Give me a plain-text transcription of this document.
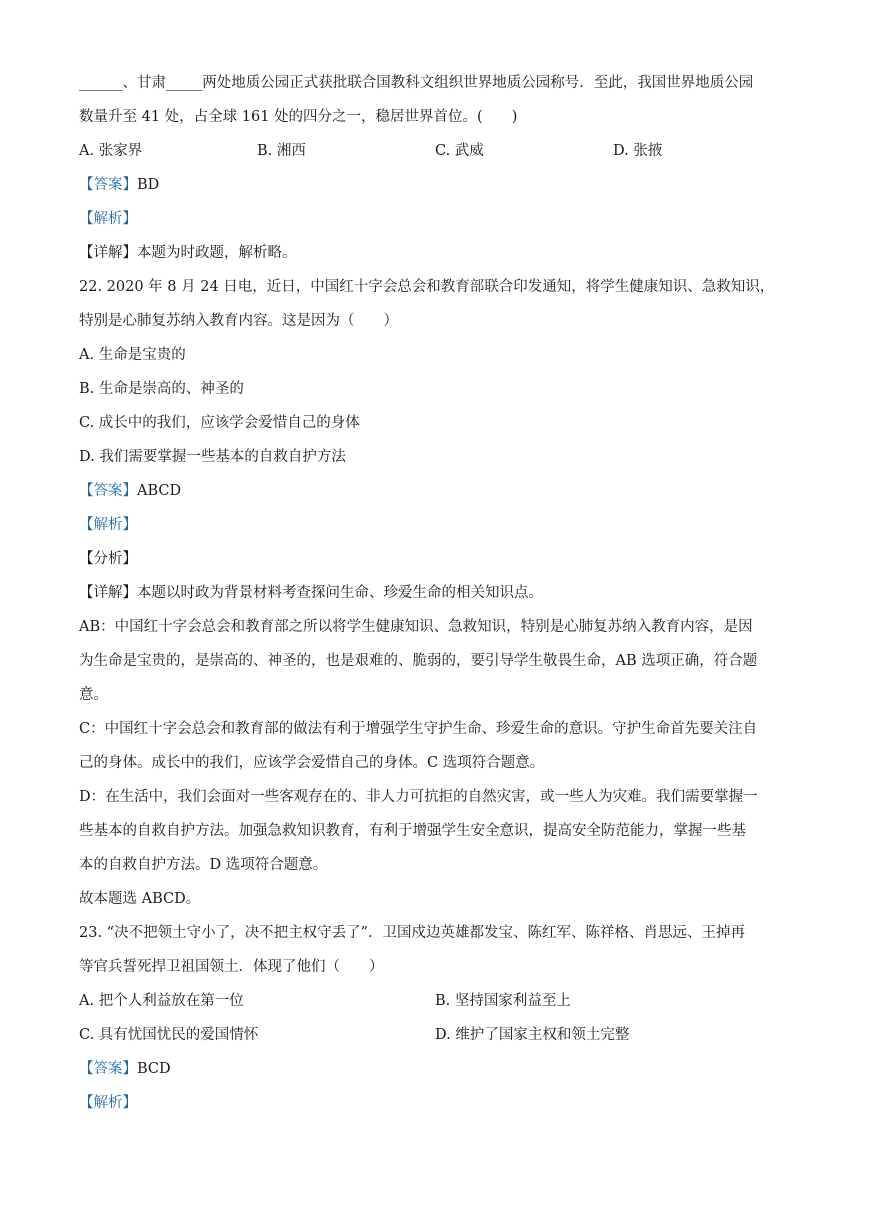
______、甘肃_____两处地质公园正式获批联合国教科文组织世界地质公园称号．至此，我国世界地质公园

数量升至 41 处，占全球 161 处的四分之一，稳居世界首位。(　　)

A. 张家界	B. 湘西	C. 武威	D. 张掖

【答案】BD

【解析】

【详解】本题为时政题，解析略。

22. 2020 年 8 月 24 日电，近日，中国红十字会总会和教育部联合印发通知，将学生健康知识、急救知识，

特别是心肺复苏纳入教育内容。这是因为（　　）

A. 生命是宝贵的

B. 生命是崇高的、神圣的

C. 成长中的我们，应该学会爱惜自己的身体

D. 我们需要掌握一些基本的自救自护方法

【答案】ABCD

【解析】

【分析】

【详解】本题以时政为背景材料考查探问生命、珍爱生命的相关知识点。

AB：中国红十字会总会和教育部之所以将学生健康知识、急救知识，特别是心肺复苏纳入教育内容，是因

为生命是宝贵的，是崇高的、神圣的，也是艰难的、脆弱的，要引导学生敬畏生命，AB 选项正确，符合题

意。

C：中国红十字会总会和教育部的做法有利于增强学生守护生命、珍爱生命的意识。守护生命首先要关注自

己的身体。成长中的我们，应该学会爱惜自己的身体。C 选项符合题意。

D：在生活中，我们会面对一些客观存在的、非人力可抗拒的自然灾害，或一些人为灾难。我们需要掌握一

些基本的自救自护方法。加强急救知识教育，有利于增强学生安全意识，提高安全防范能力，掌握一些基

本的自救自护方法。D 选项符合题意。

故本题选 ABCD。

23. “决不把领土守小了，决不把主权守丢了”．卫国戍边英雄都发宝、陈红军、陈祥格、肖思远、王掉再

等官兵誓死捍卫祖国领土．体现了他们（　　）

A. 把个人利益放在第一位	B. 坚持国家利益至上
C. 具有忧国忧民的爱国情怀	D. 维护了国家主权和领土完整

【答案】BCD

【解析】
